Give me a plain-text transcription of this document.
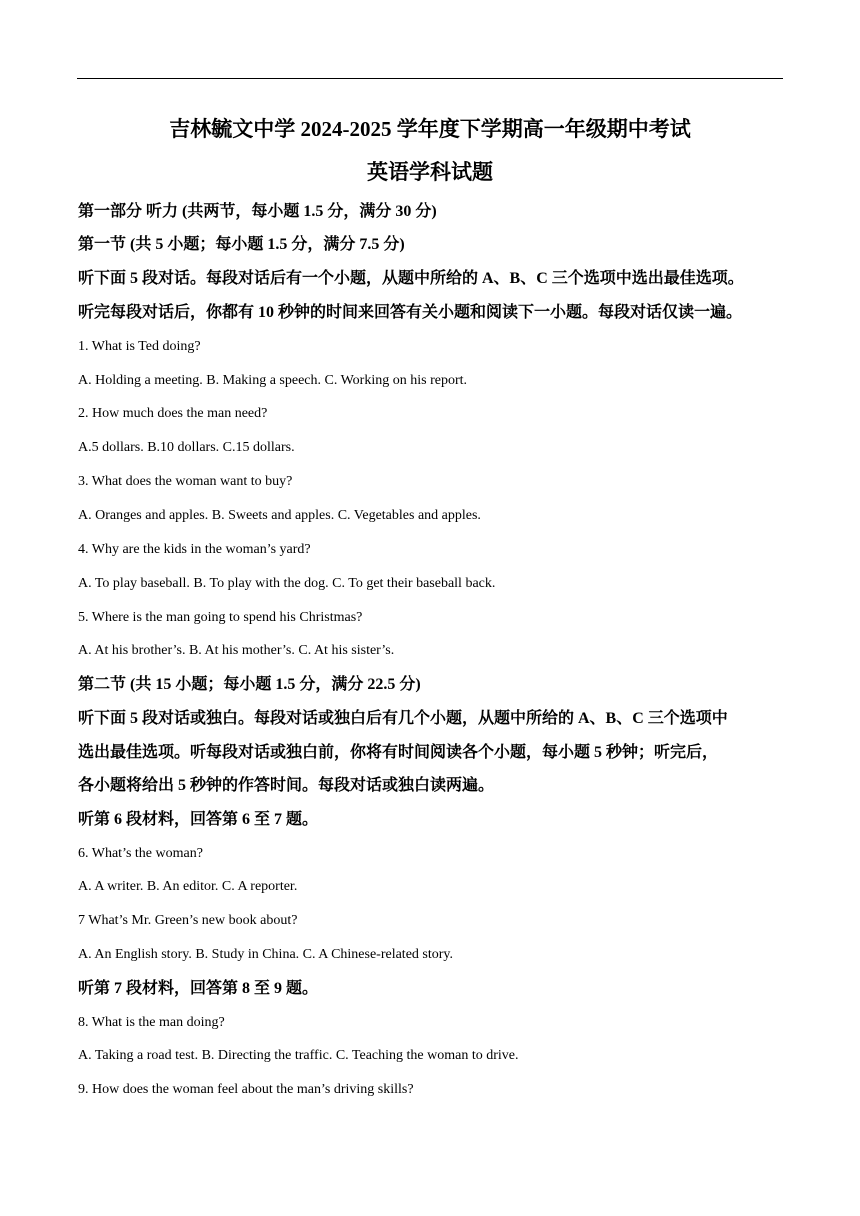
吉林毓文中学 2024-2025 学年度下学期高一年级期中考试
英语学科试题
第一部分 听力 (共两节，每小题 1.5 分，满分 30 分)
第一节 (共 5 小题；每小题 1.5 分，满分 7.5 分)
听下面 5 段对话。每段对话后有一个小题，从题中所给的 A、B、C 三个选项中选出最佳选项。
听完每段对话后，你都有 10 秒钟的时间来回答有关小题和阅读下一小题。每段对话仅读一遍。
1. What is Ted doing?
A. Holding a meeting. B. Making a speech. C. Working on his report.
2. How much does the man need?
A.5 dollars. B.10 dollars. C.15 dollars.
3. What does the woman want to buy?
A. Oranges and apples. B. Sweets and apples. C. Vegetables and apples.
4. Why are the kids in the woman’s yard?
A. To play baseball. B. To play with the dog. C. To get their baseball back.
5. Where is the man going to spend his Christmas?
A. At his brother’s. B. At his mother’s. C. At his sister’s.
第二节 (共 15 小题；每小题 1.5 分，满分 22.5 分)
听下面 5 段对话或独白。每段对话或独白后有几个小题，从题中所给的 A、B、C 三个选项中
选出最佳选项。听每段对话或独白前，你将有时间阅读各个小题，每小题 5 秒钟；听完后，
各小题将给出 5 秒钟的作答时间。每段对话或独白读两遍。
听第 6 段材料，回答第 6 至 7 题。
6. What’s the woman?
A. A writer. B. An editor. C. A reporter.
7 What’s Mr. Green’s new book about?
A. An English story. B. Study in China. C. A Chinese-related story.
听第 7 段材料，回答第 8 至 9 题。
8. What is the man doing?
A. Taking a road test. B. Directing the traffic. C. Teaching the woman to drive.
9. How does the woman feel about the man’s driving skills?
